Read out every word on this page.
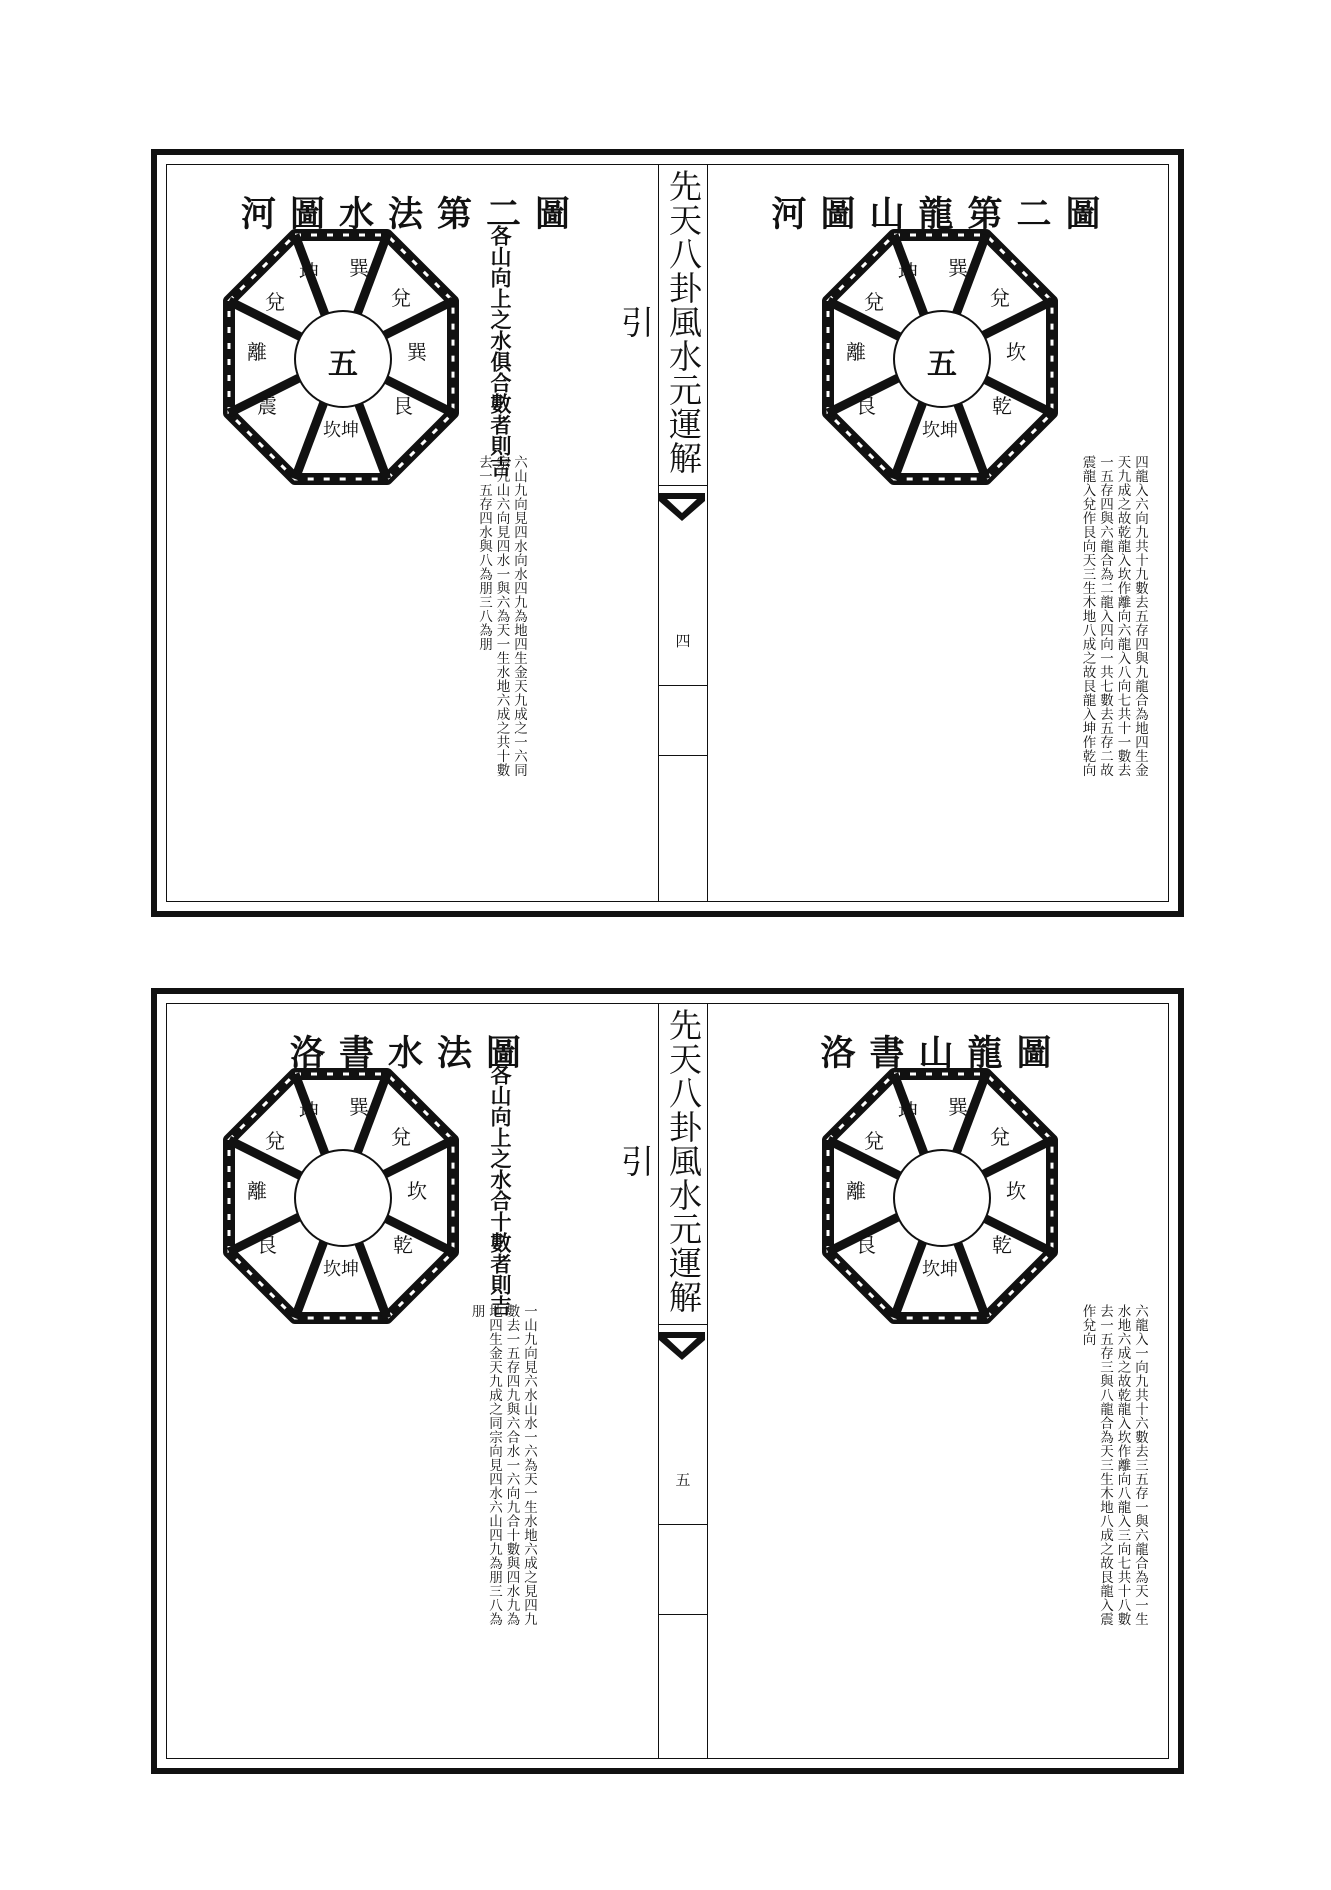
河圖水法第二圖
坤 巽
兌
巽
艮
震
離
兌
五
坎坤	各山向上之水俱合數者則吉
六山九向見四水向水四九為地四生金天九成之一六同宗九山六向見四水一與六為天一生水地六成之共十數去一五存四水與八為朋三八為朋
先天八卦風水元運解引
四
河圖山龍第二圖
坤 巽
兌
坎
乾
艮
離
兌
五
坎坤
四龍入六向九共十九數去五存四與九龍合為地四生金天九成之故乾龍入坎作離向六龍入八向七共十一數去一五存四與六龍合為二龍入四向一共七數去五存二故震龍入兌作艮向天三生木地八成之故艮龍入坤作乾向
洛書水法圖
坤 巽
兌
坎
乾
艮
離
兌
坎坤	各山向上之水合十數者則吉
一山九向見六水山水一六為天一生水地六成之見四九數去一五存四九與六合水一六向九合十數與四水九為地四生金天九成之同宗向見四水六山四九為朋三八為朋	先天八卦風水元運解引
五
洛書山龍圖
坤 巽
兌
坎
乾
艮
離
兌
坎坤
六龍入一向九共十六數去三五存一與六龍合為天一生水地六成之故乾龍入坎作離向八龍入三向七共十八數去一五存三與八龍合為天三生木地八成之故艮龍入震作兌向
